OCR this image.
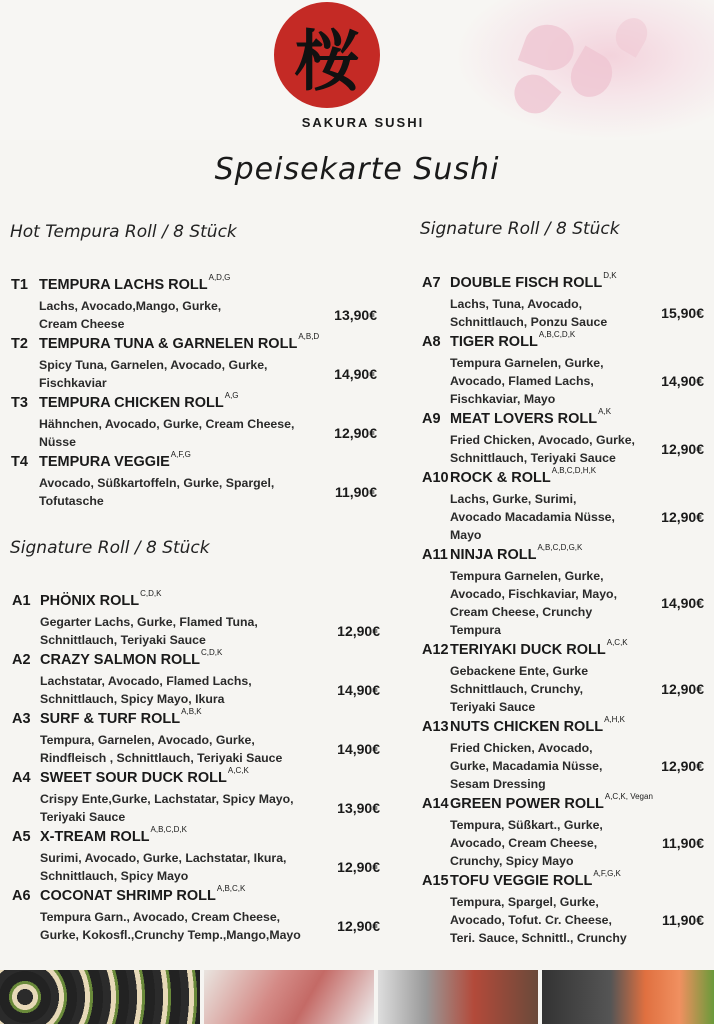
桜
SAKURA SUSHI
Speisekarte Sushi
Hot Tempura Roll / 8 Stück
Signature Roll / 8 Stück
Signature Roll / 8 Stück
T1 TEMPURA LACHS ROLL A,D,G
Lachs, Avocado,Mango, Gurke,
Cream Cheese
13,90€
T2 TEMPURA TUNA & GARNELEN ROLL A,B,D
Spicy Tuna, Garnelen, Avocado, Gurke,
Fischkaviar
14,90€
T3 TEMPURA CHICKEN ROLL A,G
Hähnchen, Avocado, Gurke, Cream Cheese,
Nüsse
12,90€
T4 TEMPURA VEGGIE A,F,G
Avocado, Süßkartoffeln, Gurke, Spargel,
Tofutasche
11,90€
A1 PHÖNIX ROLL C,D,K
Gegarter Lachs, Gurke, Flamed Tuna,
Schnittlauch, Teriyaki Sauce
12,90€
A2 CRAZY SALMON ROLL C,D,K
Lachstatar, Avocado, Flamed Lachs,
Schnittlauch, Spicy Mayo, Ikura
14,90€
A3 SURF & TURF ROLL A,B,K
Tempura, Garnelen, Avocado, Gurke,
Rindfleisch , Schnittlauch, Teriyaki Sauce
14,90€
A4 SWEET SOUR DUCK ROLL A,C,K
Crispy Ente,Gurke, Lachstatar, Spicy Mayo,
Teriyaki Sauce
13,90€
A5 X-TREAM ROLL A,B,C,D,K
Surimi, Avocado, Gurke, Lachstatar, Ikura,
Schnittlauch, Spicy Mayo
12,90€
A6 COCONAT SHRIMP ROLL A,B,C,K
Tempura Garn., Avocado, Cream Cheese,
Gurke, Kokosfl.,Crunchy Temp.,Mango,Mayo
12,90€
A7 DOUBLE FISCH ROLL D,K
Lachs, Tuna, Avocado,
Schnittlauch, Ponzu Sauce
15,90€
A8 TIGER ROLL A,B,C,D,K
Tempura Garnelen, Gurke,
Avocado, Flamed Lachs,
Fischkaviar, Mayo
14,90€
A9 MEAT LOVERS ROLL A,K
Fried Chicken, Avocado, Gurke,
Schnittlauch, Teriyaki Sauce
12,90€
A10 ROCK & ROLL A,B,C,D,H,K
Lachs, Gurke, Surimi,
Avocado Macadamia Nüsse,
Mayo
12,90€
A11 NINJA ROLL A,B,C,D,G,K
Tempura Garnelen, Gurke,
Avocado, Fischkaviar, Mayo,
Cream Cheese, Crunchy
Tempura
14,90€
A12 TERIYAKI DUCK ROLL A,C,K
Gebackene Ente, Gurke
Schnittlauch, Crunchy,
Teriyaki Sauce
12,90€
A13 NUTS CHICKEN ROLL A,H,K
Fried Chicken, Avocado,
Gurke, Macadamia Nüsse,
Sesam Dressing
12,90€
A14 GREEN POWER ROLL A,C,K, Vegan
Tempura, Süßkart., Gurke,
Avocado, Cream Cheese,
Crunchy, Spicy Mayo
11,90€
A15 TOFU VEGGIE ROLL A,F,G,K
Tempura, Spargel, Gurke,
Avocado, Tofut. Cr. Cheese,
Teri. Sauce, Schnittl., Crunchy
11,90€
